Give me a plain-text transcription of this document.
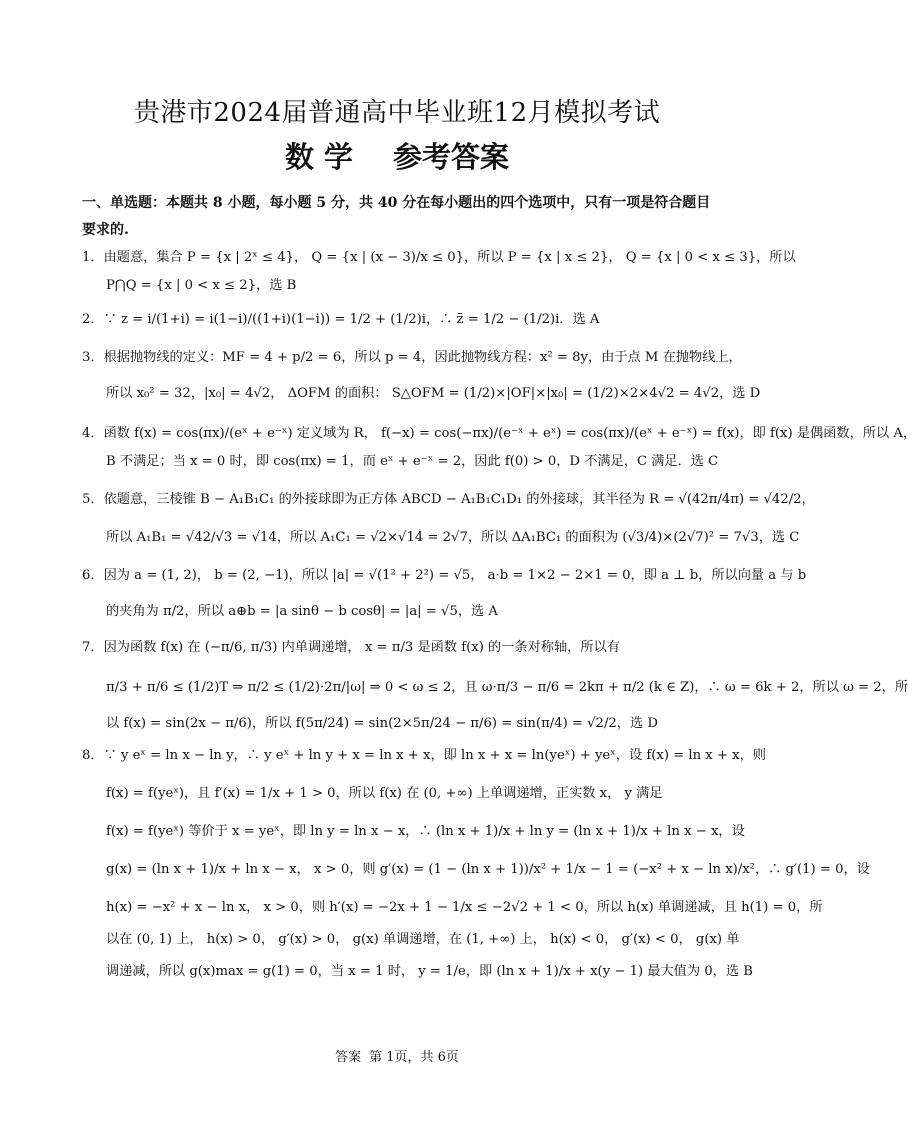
贵港市2024届普通高中毕业班12月模拟考试
数 学 参考答案
一、单选题：本题共 8 小题，每小题 5 分，共 40 分在每小题出的四个选项中，只有一项是符合题目要求的.
1．由题意，集合 P = {x | 2ˣ ≤ 4}， Q = {x | (x − 3)/x ≤ 0}，所以 P = {x | x ≤ 2}， Q = {x | 0 < x ≤ 3}，所以
P⋂Q = {x | 0 < x ≤ 2}，选 B
2．∵ z = i/(1+i) = i(1−i)/((1+i)(1−i)) = 1/2 + (1/2)i，∴ z̄ = 1/2 − (1/2)i．选 A
3．根据抛物线的定义：MF = 4 + p/2 = 6，所以 p = 4，因此抛物线方程：x² = 8y，由于点 M 在抛物线上，
所以 x₀² = 32，|x₀| = 4√2， ΔOFM 的面积： S△OFM = (1/2)×|OF|×|x₀| = (1/2)×2×4√2 = 4√2，选 D
4．函数 f(x) = cos(πx)/(eˣ + e⁻ˣ) 定义域为 R， f(−x) = cos(−πx)/(e⁻ˣ + eˣ) = cos(πx)/(eˣ + e⁻ˣ) = f(x)，即 f(x) 是偶函数，所以 A，
B 不满足；当 x = 0 时，即 cos(πx) = 1，而 eˣ + e⁻ˣ = 2，因此 f(0) > 0，D 不满足，C 满足．选 C
5．依题意，三棱锥 B − A₁B₁C₁ 的外接球即为正方体 ABCD − A₁B₁C₁D₁ 的外接球，其半径为 R = √(42π/4π) = √42/2，
所以 A₁B₁ = √42/√3 = √14，所以 A₁C₁ = √2×√14 = 2√7，所以 ΔA₁BC₁ 的面积为 (√3/4)×(2√7)² = 7√3，选 C
6．因为 a = (1, 2)， b = (2, −1)，所以 |a| = √(1² + 2²) = √5， a·b = 1×2 − 2×1 = 0，即 a ⊥ b，所以向量 a 与 b
的夹角为 π/2，所以 a⊕b = |a sinθ − b cosθ| = |a| = √5，选 A
7．因为函数 f(x) 在 (−π/6, π/3) 内单调递增， x = π/3 是函数 f(x) 的一条对称轴，所以有
π/3 + π/6 ≤ (1/2)T ⇒ π/2 ≤ (1/2)·2π/|ω| ⇒ 0 < ω ≤ 2，且 ω·π/3 − π/6 = 2kπ + π/2 (k ∈ Z)，∴ ω = 6k + 2，所以 ω = 2，所
以 f(x) = sin(2x − π/6)，所以 f(5π/24) = sin(2×5π/24 − π/6) = sin(π/4) = √2/2，选 D
8．∵ y eˣ = ln x − ln y，∴ y eˣ + ln y + x = ln x + x，即 ln x + x = ln(yeˣ) + yeˣ，设 f(x) = ln x + x，则
f(x) = f(yeˣ)，且 f′(x) = 1/x + 1 > 0，所以 f(x) 在 (0, +∞) 上单调递增，正实数 x， y 满足
f(x) = f(yeˣ) 等价于 x = yeˣ，即 ln y = ln x − x，∴ (ln x + 1)/x + ln y = (ln x + 1)/x + ln x − x，设
g(x) = (ln x + 1)/x + ln x − x， x > 0，则 g′(x) = (1 − (ln x + 1))/x² + 1/x − 1 = (−x² + x − ln x)/x²，∴ g′(1) = 0，设
h(x) = −x² + x − ln x， x > 0，则 h′(x) = −2x + 1 − 1/x ≤ −2√2 + 1 < 0，所以 h(x) 单调递减，且 h(1) = 0，所
以在 (0, 1) 上， h(x) > 0， g′(x) > 0， g(x) 单调递增，在 (1, +∞) 上， h(x) < 0， g′(x) < 0， g(x) 单
调递减，所以 g(x)max = g(1) = 0，当 x = 1 时， y = 1/e，即 (ln x + 1)/x + x(y − 1) 最大值为 0，选 B
答案 第 1页，共 6页
